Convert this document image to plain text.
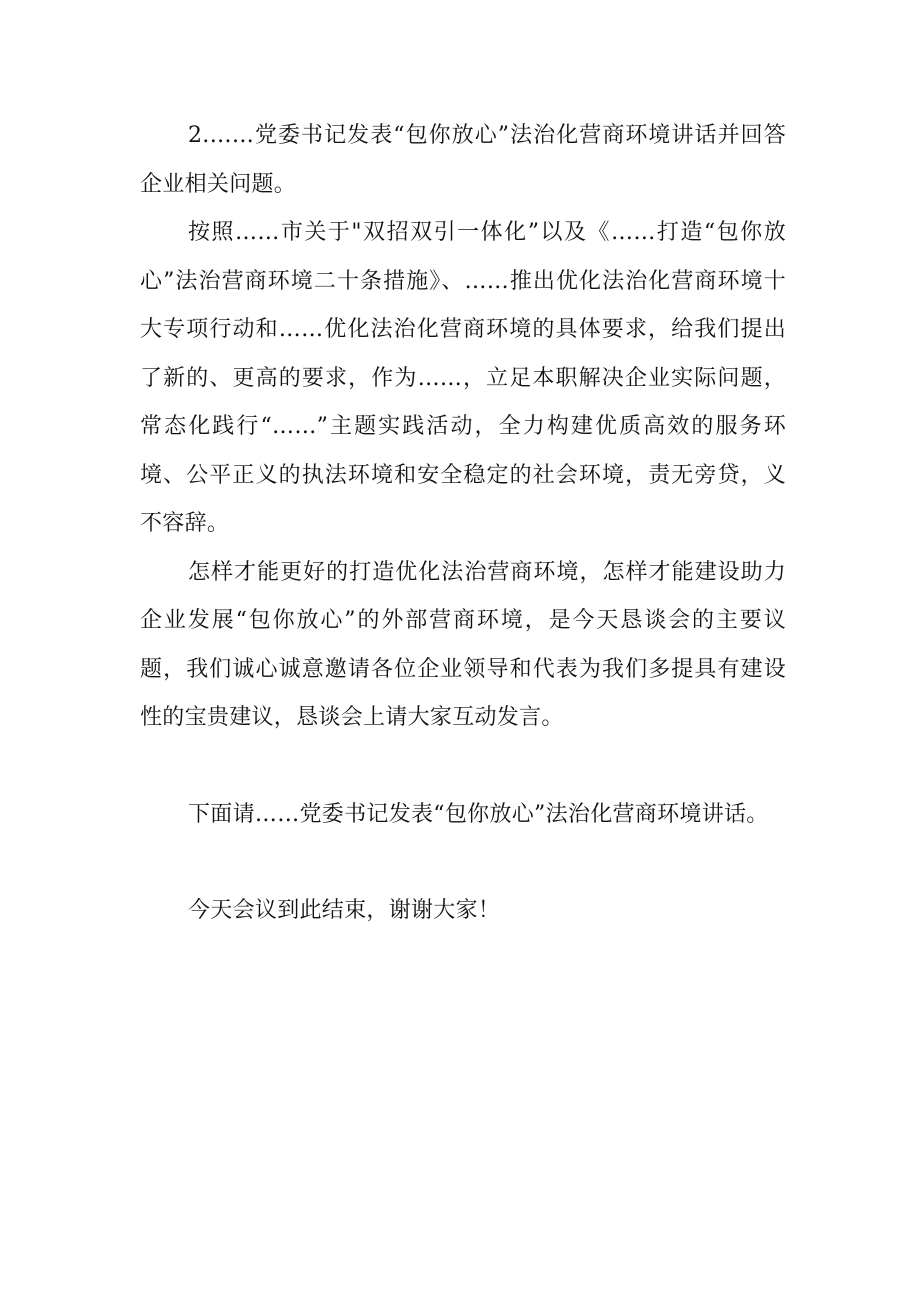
2.……党委书记发表“包你放心”法治化营商环境讲话并回答企业相关问题。

按照……市关于"双招双引一体化”以及《……打造“包你放心”法治营商环境二十条措施》、……推出优化法治化营商环境十大专项行动和……优化法治化营商环境的具体要求，给我们提出了新的、更高的要求，作为……，立足本职解决企业实际问题，常态化践行“……”主题实践活动，全力构建优质高效的服务环境、公平正义的执法环境和安全稳定的社会环境，责无旁贷，义不容辞。

怎样才能更好的打造优化法治营商环境，怎样才能建设助力企业发展“包你放心”的外部营商环境，是今天恳谈会的主要议题，我们诚心诚意邀请各位企业领导和代表为我们多提具有建设性的宝贵建议，恳谈会上请大家互动发言。

下面请……党委书记发表“包你放心”法治化营商环境讲话。

今天会议到此结束，谢谢大家！
